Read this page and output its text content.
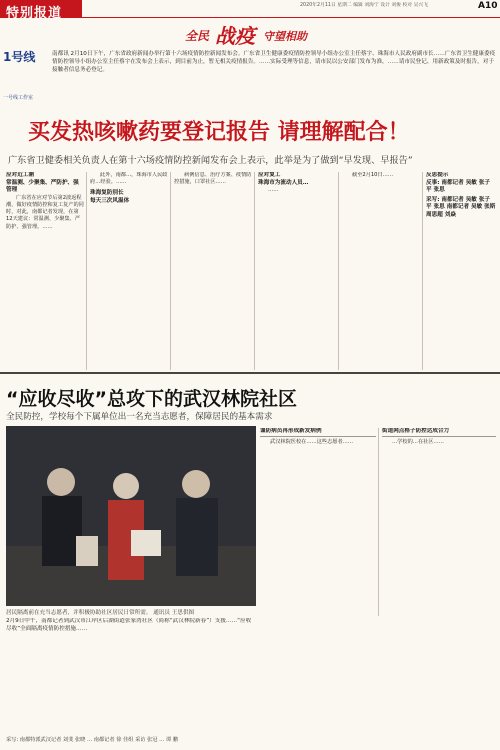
特别报道
2020年2月11日 星期二 编辑 刘海宁 设计 刘俊 校对 吴兴飞	A10
全民 战疫 守望相助
1号线
一号线工作室
南都讯 2月10日下午，广东省政府新闻办举行第十六场疫情防控新闻发布会。广东省卫生健康委疫情防控领导小组办公室主任蔡宇、珠海市人民政府副市长……广东省卫生健康委疫情防控领导小组办公室主任蔡宇在发布会上表示，到目前为止，暂无相关疫情报告。……实际受理等信息，请市民以公安部门发布为准，……请市民登记、用新政策及时报告，对于接触者信息务必登记。
买发热咳嗽药要登记报告 请理解配合！
广东省卫健委相关负责人在第十六场疫情防控新闻发布会上表示，此举是为了做到“早发现、早报告”
应对近工潮
常温测、少聚集、严防护、强管理

广东省在应对节后第2波返程潮，做好疫情防控和复工复产的同时，对此，南都记者发现，在第12天建议：常温测、少聚集、严防护、强管理。……

此外，南都…，珠海市人民政府…经验。……

珠海复防别长
每天三次风温体

病例信息、治疗方案、疫情防控措施，口罩社区……

应对复工
珠海市为流动人员…

……

截至2月10日……	反思提示
反事: 南都记者 吴敏 张子 平 张思
采写: 南都记者 吴敏 张子 平 张思 南都记者 吴敏 张斯 周思超 刘焱
“应收尽收”总攻下的武汉林院社区
全民防控，学校每个下属单位出一名充当志愿者，保障居民的基本需求
居民隔离前在充当志愿者，并积极协助社区居民日常所需。 通讯员 王思供图
谨防病员再形成新发病例

武汉林院医校在……这些志愿者……

街道网点格子防控达成合力

…学校的…在社区……

2月9日中午，南都记者到武汉市江岸区后湖街道张家湾社区（简称“武汉林院新春”）支援……“应收尽收”全面隔离疫情防控措施……
采写: 南都特派武汉记者 刘斐 张晓 … 南都记者 徐 佳组 采访 张冠 … 谭 鹏
